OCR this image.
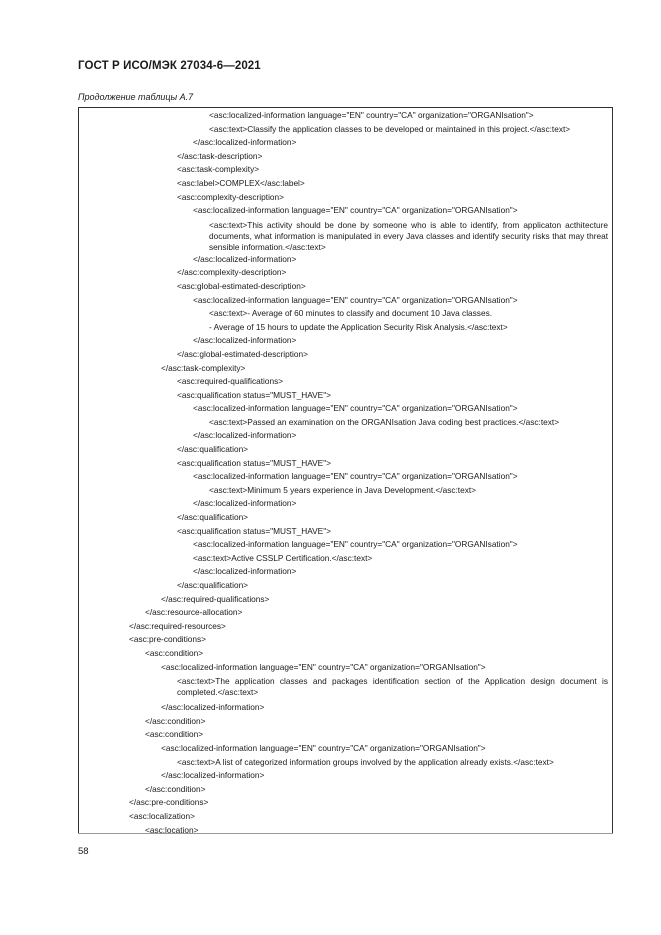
ГОСТ Р ИСО/МЭК 27034-6—2021
Продолжение таблицы А.7
<asc:localized-information language="EN" country="CA" organization="ORGANIsation">
<asc:text>Classify the application classes to be developed or maintained in this project.</asc:text>
</asc:localized-information>
</asc:task-description>
<asc:task-complexity>
<asc:label>COMPLEX</asc:label>
<asc:complexity-description>
<asc:localized-information language="EN" country="CA" organization="ORGANIsation">
<asc:text>This activity should be done by someone who is able to identify, from applicaton acthitecture documents, what information is manipulated in every Java classes and identify security risks that may threat sensible information.</asc:text>
</asc:localized-information>
</asc:complexity-description>
<asc:global-estimated-description>
<asc:localized-information language="EN" country="CA" organization="ORGANIsation">
<asc:text>- Average of 60 minutes to classify and document 10 Java classes.
- Average of 15 hours to update the Application Security Risk Analysis.</asc:text>
</asc:localized-information>
</asc:global-estimated-description>
</asc:task-complexity>
<asc:required-qualifications>
<asc:qualification status="MUST_HAVE">
<asc:localized-information language="EN" country="CA" organization="ORGANIsation">
<asc:text>Passed an examination on the ORGANIsation Java coding best practices.</asc:text>
</asc:localized-information>
</asc:qualification>
<asc:qualification status="MUST_HAVE">
<asc:localized-information language="EN" country="CA" organization="ORGANIsation">
<asc:text>Minimum 5 years experience in Java Development.</asc:text>
</asc:localized-information>
</asc:qualification>
<asc:qualification status="MUST_HAVE">
<asc:localized-information language="EN" country="CA" organization="ORGANIsation">
<asc:text>Active CSSLP Certification.</asc:text>
</asc:localized-information>
</asc:qualification>
</asc:required-qualifications>
</asc:resource-allocation>
</asc:required-resources>
<asc:pre-conditions>
<asc:condition>
<asc:localized-information language="EN" country="CA" organization="ORGANIsation">
<asc:text>The application classes and packages identification section of the Application design document is completed.</asc:text>
</asc:localized-information>
</asc:condition>
<asc:condition>
<asc:localized-information language="EN" country="CA" organization="ORGANIsation">
<asc:text>A list of categorized information groups involved by the application already exists.</asc:text>
</asc:localized-information>
</asc:condition>
</asc:pre-conditions>
<asc:localization>
<asc:location>
58
